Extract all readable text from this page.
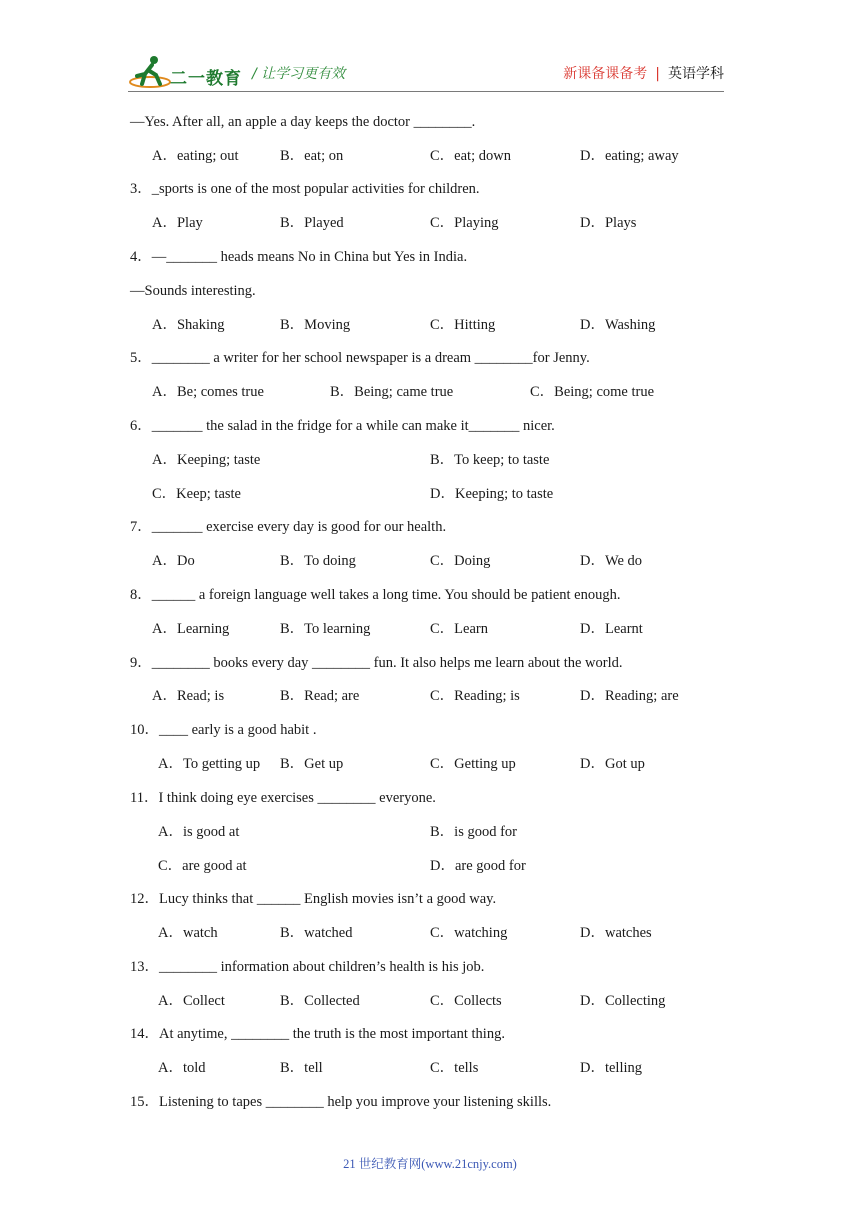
二一教育 / 让学习更有效	新课备课备考 | 英语学科
—Yes. After all, an apple a day keeps the doctor ________.
3．_sports is one of the most popular activities for children.
4．—_______ heads means No in China but Yes in India.
—Sounds interesting.
5．________ a writer for her school newspaper is a dream ________for Jenny.
6．_______ the salad in the fridge for a while can make it_______ nicer.
7．_______ exercise every day is good for our health.
8．______ a foreign language well takes a long time. You should be patient enough.
9．________ books every day ________ fun. It also helps me learn about the world.
10．____ early is a good habit .
11．I think doing eye exercises ________ everyone.
12．Lucy thinks that ______ English movies isn’t a good way.
13．________ information about children’s health is his job.
14．At anytime, ________ the truth is the most important thing.
15．Listening to tapes ________ help you improve your listening skills.
A．eating; out	B．eat; on	C．eat; down	D．eating; away
A．Play	B．Played	C．Playing	D．Plays
A．Shaking	B．Moving	C．Hitting	D．Washing
A．Be; comes true	B．Being; came true	C．Being; come true
A．Keeping; taste	B．To keep; to taste
C．Keep; taste	D．Keeping; to taste
A．Do	B．To doing	C．Doing	D．We do
A．Learning	B．To learning	C．Learn	D．Learnt
A．Read; is	B．Read; are	C．Reading; is	D．Reading; are
A．To getting up B．Get up	C．Getting up	D．Got up
A．is good at	B．is good for
C．are good at	D．are good for
A．watch	B．watched	C．watching	D．watches
A．Collect	B．Collected	C．Collects	D．Collecting
A．told	B．tell	C．tells	D．telling
21 世纪教育网(www.21cnjy.com)
